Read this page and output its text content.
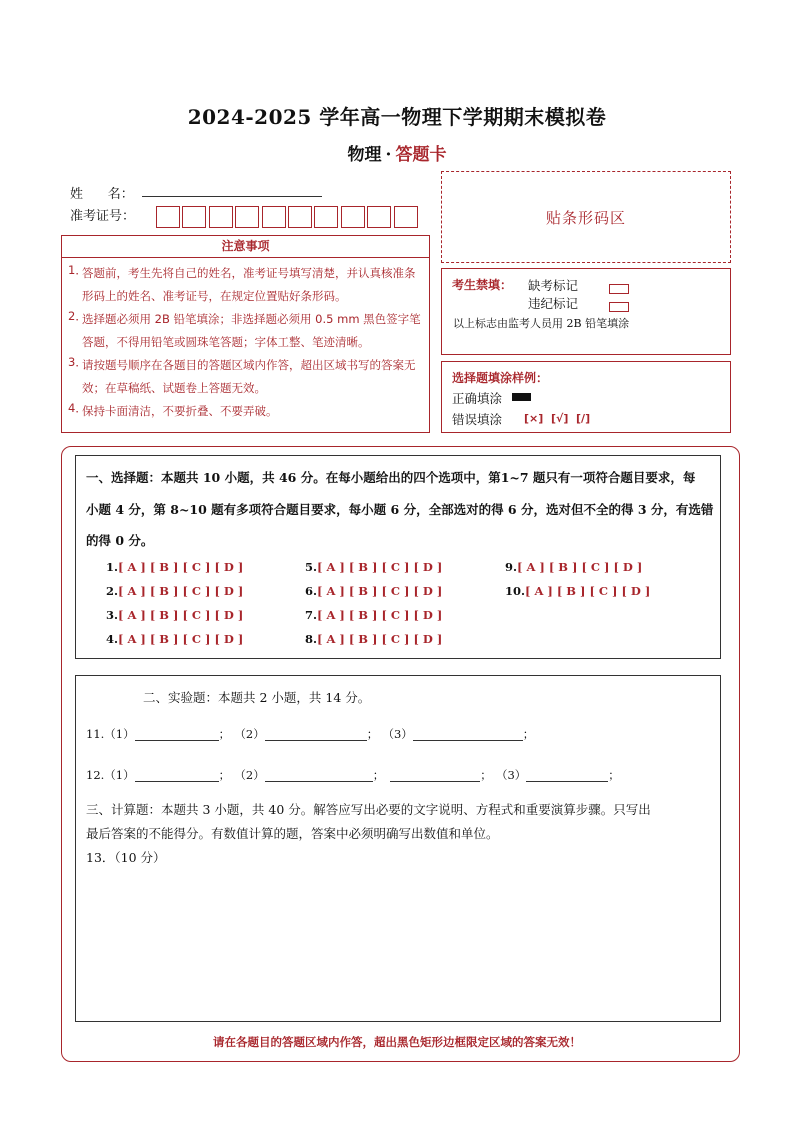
2024-2025 学年高一物理下学期期末模拟卷
物理 · 答题卡
姓      名：
准考证号：	贴条形码区
注意事项
1．

答题前，考生先将自己的姓名，准考证号填写清楚，并认真核准条形码上的姓名、准考证号，在规定位置贴好条形码。

2．

选择题必须用 2B 铅笔填涂；非选择题必须用 0.5 mm 黑色签字笔答题，不得用铅笔或圆珠笔答题；字体工整、笔迹清晰。

3．

请按题号顺序在各题目的答题区域内作答，超出区域书写的答案无效；在草稿纸、试题卷上答题无效。

4．

保持卡面清洁，不要折叠、不要弄破。

考生禁填： 缺考标记
违纪标记
以上标志由监考人员用 2B 铅笔填涂
选择题填涂样例：
正确填涂
错误填涂 [×] [√] [/]
一、选择题：本题共 10 小题，共 46 分。在每小题给出的四个选项中，第1~7 题只有一项符合题目要求，每
小题 4 分，第 8~10 题有多项符合题目要求，每小题 6 分，全部选对的得 6 分，选对但不全的得 3 分，有选错
的得 0 分。
1.[ A ] [ B ] [ C ] [ D ]
2.[ A ] [ B ] [ C ] [ D ]
3.[ A ] [ B ] [ C ] [ D ]
4.[ A ] [ B ] [ C ] [ D ]
5.[ A ] [ B ] [ C ] [ D ]
6.[ A ] [ B ] [ C ] [ D ]
7.[ A ] [ B ] [ C ] [ D ]
8.[ A ] [ B ] [ C ] [ D ]
9.[ A ] [ B ] [ C ] [ D ]
10.[ A ] [ B ] [ C ] [ D ]
二、实验题：本题共 2 小题，共 14 分。
11.（1）	； （2）	； （3）	；
12.（1）	； （2）	；	； （3）	；
三、计算题：本题共 3 小题，共 40 分。解答应写出必要的文字说明、方程式和重要演算步骤。只写出
最后答案的不能得分。有数值计算的题，答案中必须明确写出数值和单位。
13．（10 分）
请在各题目的答题区域内作答，超出黑色矩形边框限定区域的答案无效！
